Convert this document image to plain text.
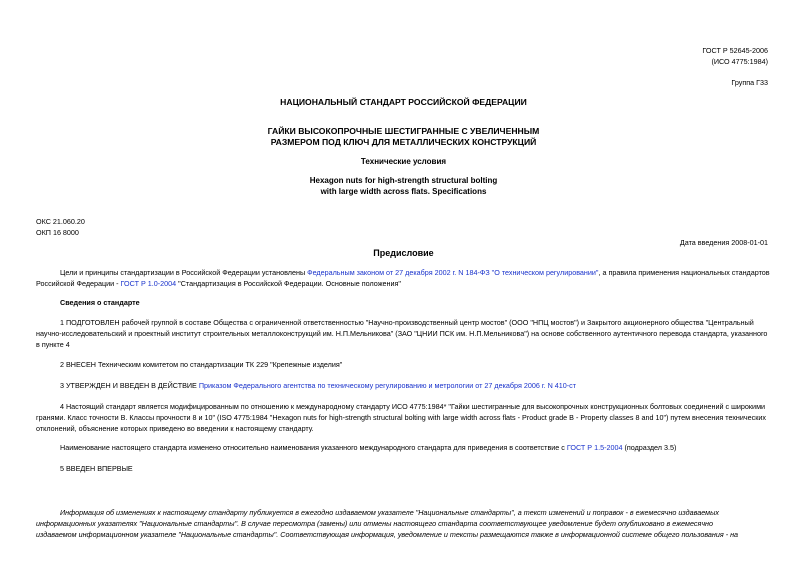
ГОСТ Р 52645-2006
(ИСО 4775:1984)
Группа Г33
НАЦИОНАЛЬНЫЙ СТАНДАРТ РОССИЙСКОЙ ФЕДЕРАЦИИ
ГАЙКИ ВЫСОКОПРОЧНЫЕ ШЕСТИГРАННЫЕ С УВЕЛИЧЕННЫМ
РАЗМЕРОМ ПОД КЛЮЧ ДЛЯ МЕТАЛЛИЧЕСКИХ КОНСТРУКЦИЙ
Технические условия
Hexagon nuts for high-strength structural bolting
with large width across flats. Specifications
ОКС 21.060.20
ОКП 16 8000
Дата введения 2008-01-01
Предисловие
Цели и принципы стандартизации в Российской Федерации установлены Федеральным законом от 27 декабря 2002 г. N 184-ФЗ "О техническом регулировании", а правила применения национальных стандартов
Российской Федерации - ГОСТ Р 1.0-2004 "Стандартизация в Российской Федерации. Основные положения"
Сведения о стандарте
1 ПОДГОТОВЛЕН рабочей группой в составе Общества с ограниченной ответственностью "Научно-производственный центр мостов" (ООО "НПЦ мостов") и Закрытого акционерного общества "Центральный
научно-исследовательский и проектный институт строительных металлоконструкций им. Н.П.Мельникова" (ЗАО "ЦНИИ ПСК им. Н.П.Мельникова") на основе собственного аутентичного перевода стандарта, указанного
в пункте 4
2 ВНЕСЕН Техническим комитетом по стандартизации ТК 229 "Крепежные изделия"
3 УТВЕРЖДЕН И ВВЕДЕН В ДЕЙСТВИЕ Приказом Федерального агентства по техническому регулированию и метрологии от 27 декабря 2006 г. N 410-ст
4 Настоящий стандарт является модифицированным по отношению к международному стандарту ИСО 4775:1984* "Гайки шестигранные для высокопрочных конструкционных болтовых соединений с широкими
гранями. Класс точности В. Классы прочности 8 и 10" (ISO 4775:1984 "Hexagon nuts for high-strength structural bolting with large width across flats - Product grade B - Property classes 8 and 10") путем внесения технических
отклонений, объяснение которых приведено во введении к настоящему стандарту.
Наименование настоящего стандарта изменено относительно наименования указанного международного стандарта для приведения в соответствие с ГОСТ Р 1.5-2004 (подраздел 3.5)
5 ВВЕДЕН ВПЕРВЫЕ
Информация об изменениях к настоящему стандарту публикуется в ежегодно издаваемом указателе "Национальные стандарты", а текст изменений и поправок - в ежемесячно издаваемых
информационных указателях "Национальные стандарты". В случае пересмотра (замены) или отмены настоящего стандарта соответствующее уведомление будет опубликовано в ежемесячно
издаваемом информационном указателе "Национальные стандарты". Соответствующая информация, уведомление и тексты размещаются также в информационной системе общего пользования - на
